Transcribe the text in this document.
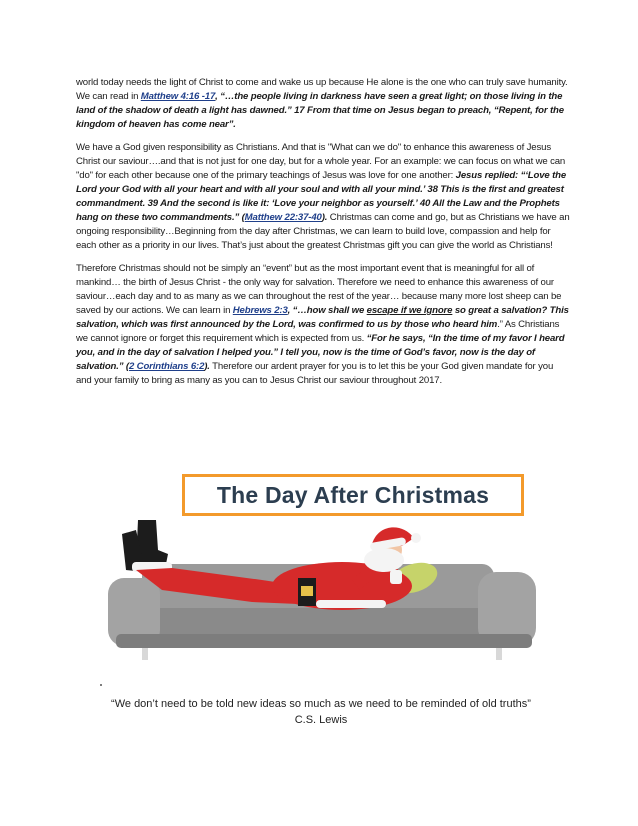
world today needs the light of Christ to come and wake us up because He alone is the one who can truly save humanity. We can read in Matthew 4:16 -17, “…the people living in darkness have seen a great light; on those living in the land of the shadow of death a light has dawned.” 17 From that time on Jesus began to preach, “Repent, for the kingdom of heaven has come near”.

We have a God given responsibility as Christians. And that is "What can we do" to enhance this awareness of Jesus Christ our saviour….and that is not just for one day, but for a whole year. For an example: we can focus on what we can "do" for each other because one of the primary teachings of Jesus was love for one another: Jesus replied: “‘Love the Lord your God with all your heart and with all your soul and with all your mind.’ 38 This is the first and greatest commandment. 39 And the second is like it: ‘Love your neighbor as yourself.’ 40 All the Law and the Prophets hang on these two commandments.” (Matthew 22:37-40). Christmas can come and go, but as Christians we have an ongoing responsibility…Beginning from the day after Christmas, we can learn to build love, compassion and help for each other as a priority in our lives. That’s just about the greatest Christmas gift you can give the world as Christians!

Therefore Christmas should not be simply an “event” but as the most important event that is meaningful for all of mankind… the birth of Jesus Christ - the only way for salvation. Therefore we need to enhance this awareness of our saviour…each day and to as many as we can throughout the rest of the year… because many more lost sheep can be saved by our actions. We can learn in Hebrews 2:3, “…how shall we escape if we ignore so great a salvation? This salvation, which was first announced by the Lord, was confirmed to us by those who heard him.” As Christians we cannot ignore or forget this requirement which is expected from us. “For he says, “In the time of my favor I heard you, and in the day of salvation I helped you.” I tell you, now is the time of God’s favor, now is the day of salvation.” (2 Corinthians 6:2). Therefore our ardent prayer for you is to let this be your God given mandate for you and your family to bring as many as you can to Jesus Christ our saviour throughout 2017.

The Day After Christmas
“We don’t need to be told new ideas so much as we need to be reminded of old truths” C.S. Lewis
